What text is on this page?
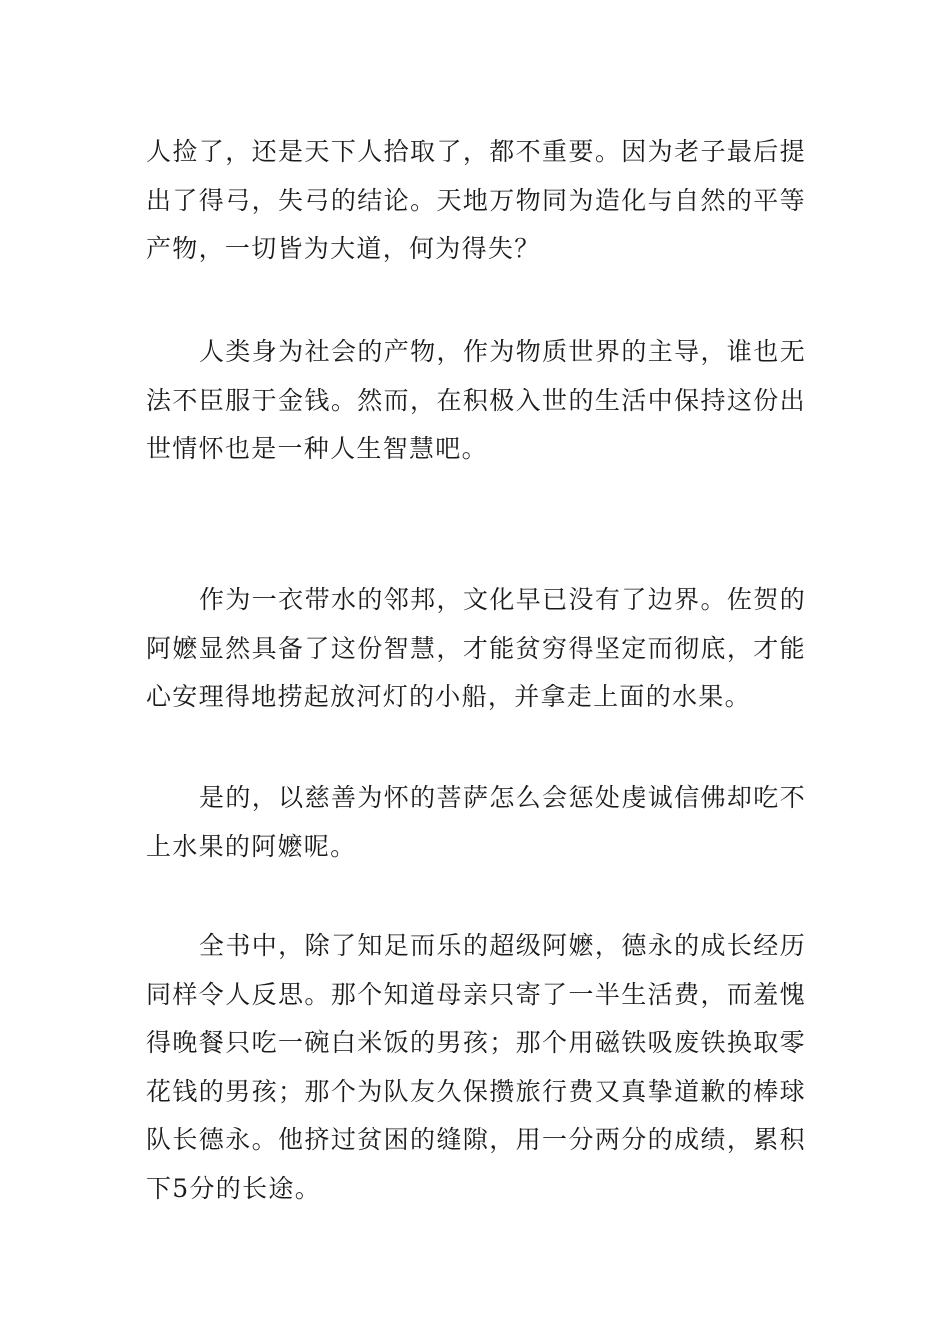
人捡了，还是天下人拾取了，都不重要。因为老子最后提出了得弓，失弓的结论。天地万物同为造化与自然的平等产物，一切皆为大道，何为得失？

人类身为社会的产物，作为物质世界的主导，谁也无法不臣服于金钱。然而，在积极入世的生活中保持这份出世情怀也是一种人生智慧吧。

作为一衣带水的邻邦，文化早已没有了边界。佐贺的阿嬷显然具备了这份智慧，才能贫穷得坚定而彻底，才能心安理得地捞起放河灯的小船，并拿走上面的水果。

是的，以慈善为怀的菩萨怎么会惩处虔诚信佛却吃不上水果的阿嬷呢。

全书中，除了知足而乐的超级阿嬷，德永的成长经历同样令人反思。那个知道母亲只寄了一半生活费，而羞愧得晚餐只吃一碗白米饭的男孩；那个用磁铁吸废铁换取零花钱的男孩；那个为队友久保攒旅行费又真挚道歉的棒球队长德永。他挤过贫困的缝隙，用一分两分的成绩，累积下5分的长途。
